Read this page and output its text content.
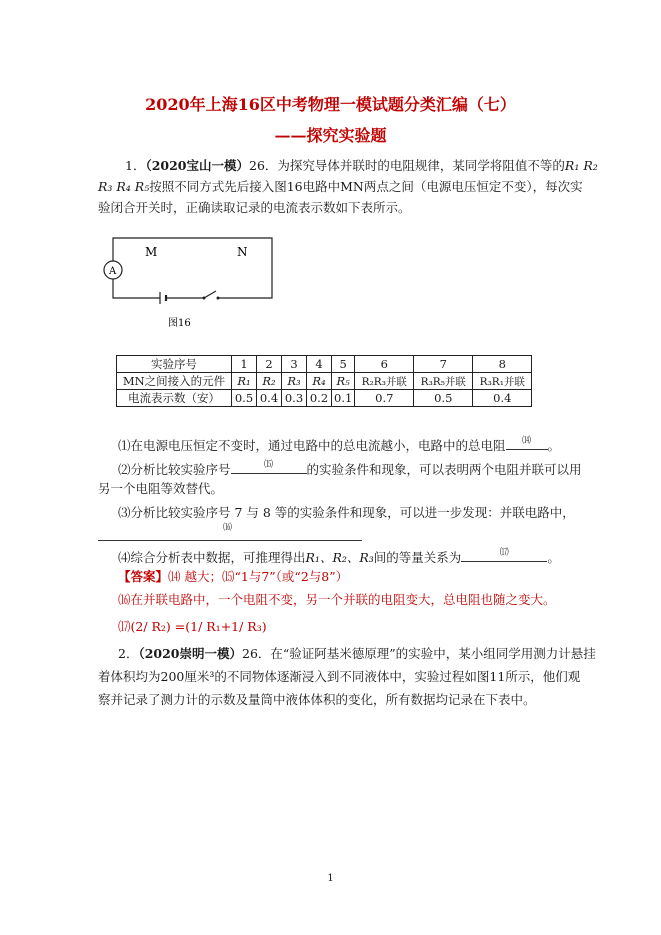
2020年上海16区中考物理一模试题分类汇编（七）
——探究实验题
1．（2020宝山一模）26．为探究导体并联时的电阻规律，某同学将阻值不等的R₁ R₂
R₃ R₄ R₅按照不同方式先后接入图16电路中MN两点之间（电源电压恒定不变），每次实
验闭合开关时，正确读取记录的电流表示数如下表所示。
A
M	N
图16
实验序号	1	2	3	4	5	6	7	8
MN之间接入的元件	R₁	R₂	R₃	R₄	R₅	R₂R₃并联	R₃R₅并联	R₃R₁并联
电流表示数（安）	0.5	0.4	0.3	0.2	0.1	0.7	0.5	0.4
⑴在电源电压恒定不变时，通过电路中的总电流越小，电路中的总电阻	⒁	。
⑵分析比较实验序号	⒂	的实验条件和现象，可以表明两个电阻并联可以用
另一个电阻等效替代。
⑶分析比较实验序号 7 与 8 等的实验条件和现象，可以进一步发现：并联电路中，
⒃
⑷综合分析表中数据，可推理得出R₁、R₂、R₃间的等量关系为	⒄	。
【答案】⒁ 越大；⒂“1与7”（或“2与8”）
⒃在并联电路中，一个电阻不变，另一个并联的电阻变大，总电阻也随之变大。
⒄(2/ R₂) =(1/ R₁+1/ R₃)
2．（2020崇明一模）26．在“验证阿基米德原理”的实验中，某小组同学用测力计悬挂
着体积均为200厘米³的不同物体逐渐浸入到不同液体中，实验过程如图11所示，他们观
察并记录了测力计的示数及量筒中液体体积的变化，所有数据均记录在下表中。
1
